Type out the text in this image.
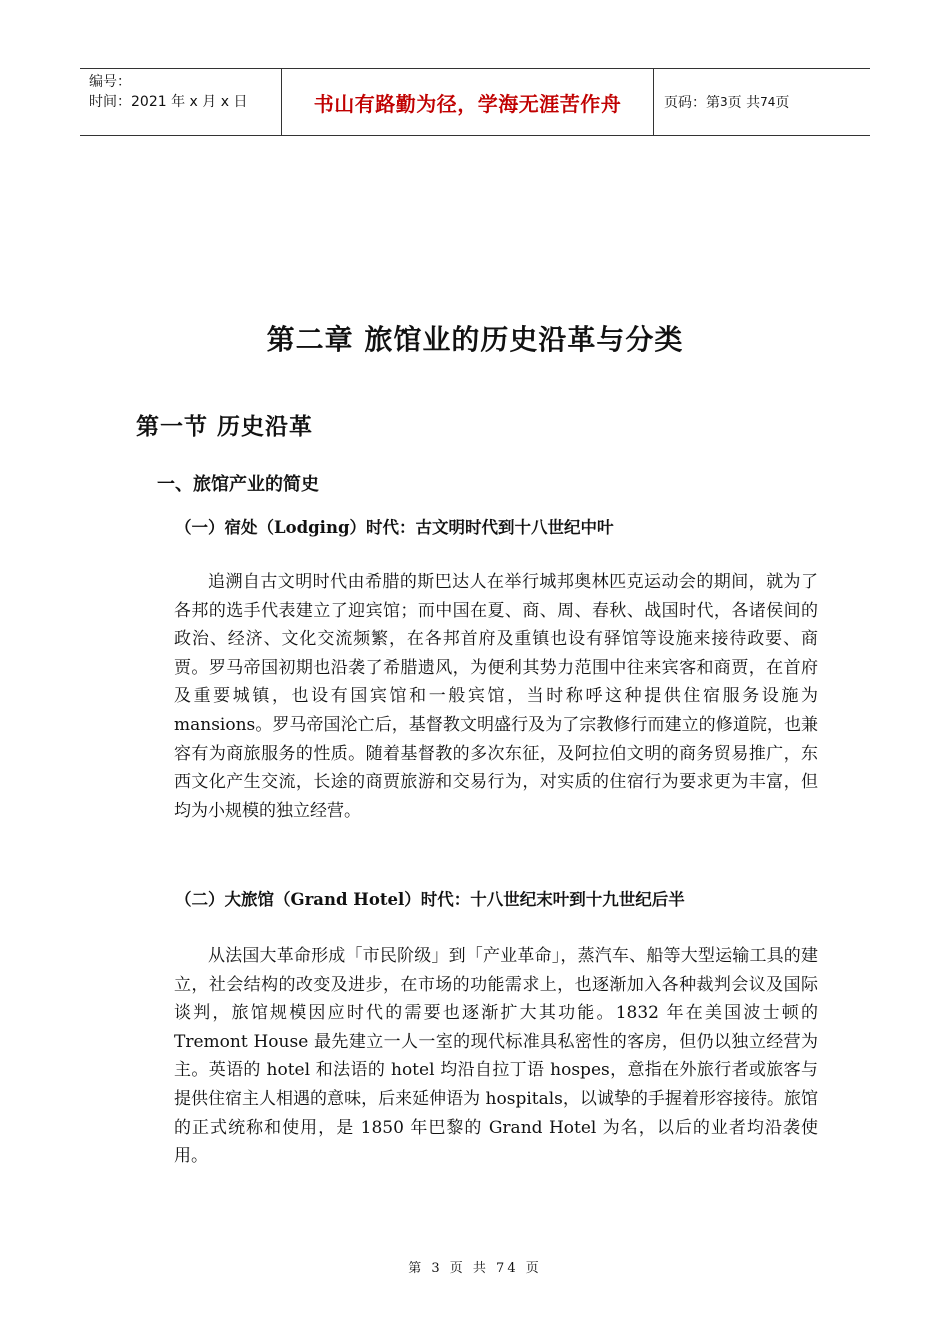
编号：
时间：2021 年 x 月 x 日	书山有路勤为径，学海无涯苦作舟	页码：第 3 页 共 74 页
第二章 旅馆业的历史沿革与分类
第一节 历史沿革
一、旅馆产业的简史
（一）宿处（Lodging）时代：古文明时代到十八世纪中叶

追溯自古文明时代由希腊的斯巴达人在举行城邦奥林匹克运动会的期间，就为了各邦的选手代表建立了迎宾馆；而中国在夏、商、周、春秋、战国时代，各诸侯间的政治、经济、文化交流频繁，在各邦首府及重镇也设有驿馆等设施来接待政要、商贾。罗马帝国初期也沿袭了希腊遗风，为便利其势力范围中往来宾客和商贾，在首府及重要城镇，也设有国宾馆和一般宾馆，当时称呼这种提供住宿服务设施为 mansions。罗马帝国沦亡后，基督教文明盛行及为了宗教修行而建立的修道院，也兼容有为商旅服务的性质。随着基督教的多次东征，及阿拉伯文明的商务贸易推广，东西文化产生交流，长途的商贾旅游和交易行为，对实质的住宿行为要求更为丰富，但均为小规模的独立经营。

（二）大旅馆（Grand Hotel）时代：十八世纪末叶到十九世纪后半

从法国大革命形成「市民阶级」到「产业革命」，蒸汽车、船等大型运输工具的建立，社会结构的改变及进步，在市场的功能需求上，也逐渐加入各种裁判会议及国际谈判，旅馆规模因应时代的需要也逐渐扩大其功能。1832 年在美国波士顿的 Tremont House 最先建立一人一室的现代标准具私密性的客房，但仍以独立经营为主。英语的 hotel 和法语的 hotel 均沿自拉丁语 hospes，意指在外旅行者或旅客与提供住宿主人相遇的意味，后来延伸语为 hospitals，以诚挚的手握着形容接待。旅馆的正式统称和使用，是 1850 年巴黎的 Grand Hotel 为名，以后的业者均沿袭使用。

第 3 页 共 74 页
